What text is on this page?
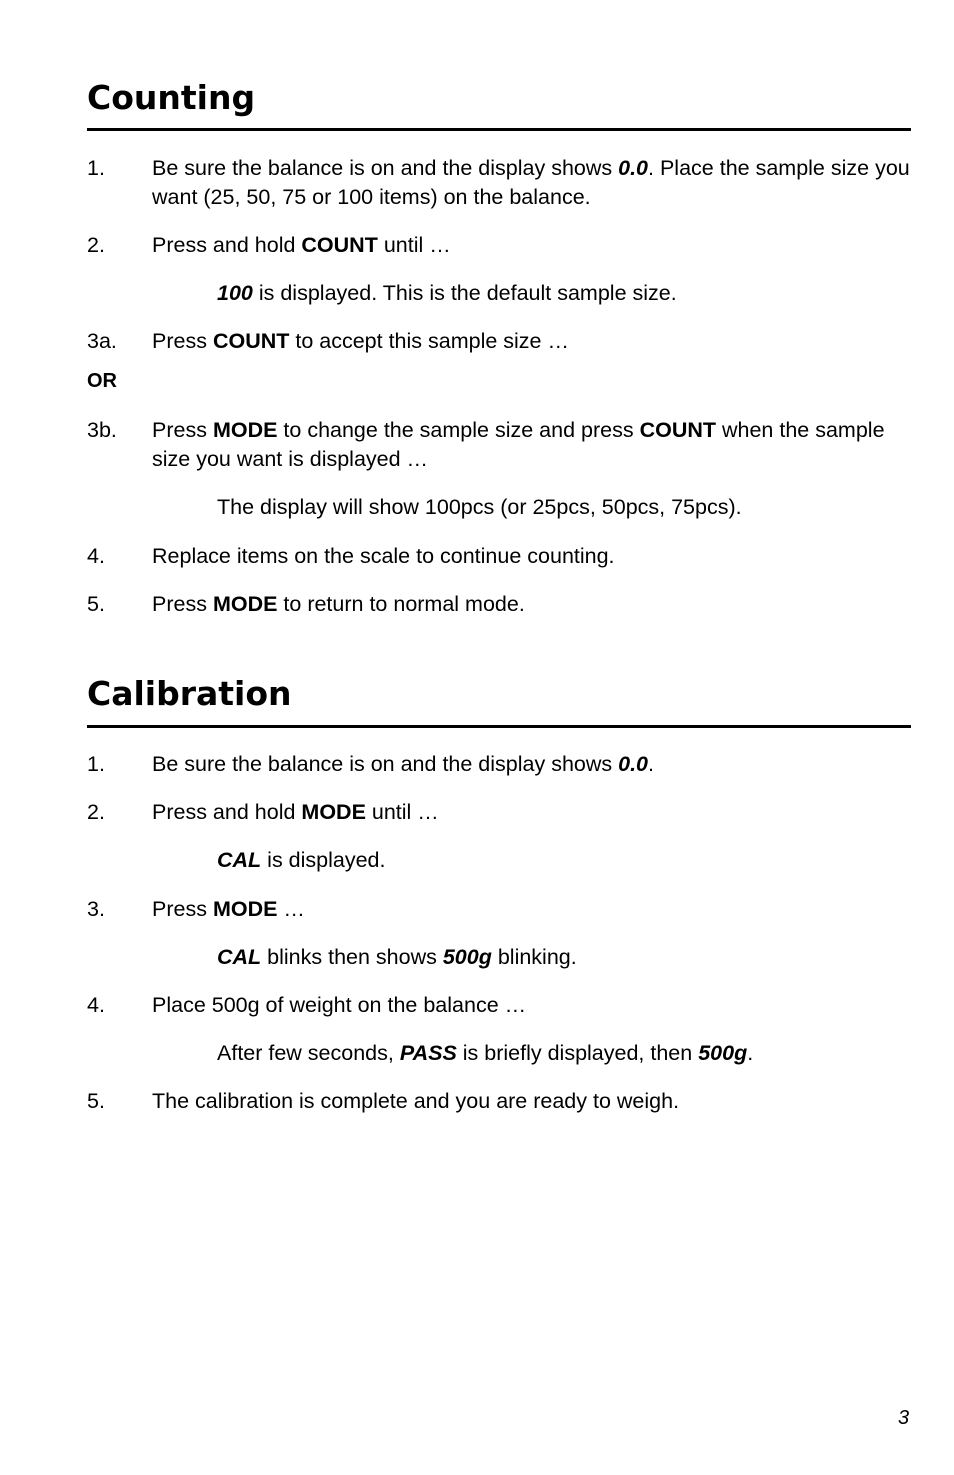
Counting
1. Be sure the balance is on and the display shows 0.0. Place the sample size you want (25, 50, 75 or 100 items) on the balance.
2. Press and hold COUNT until …
100 is displayed. This is the default sample size.
3a. Press COUNT to accept this sample size …
OR
3b. Press MODE to change the sample size and press COUNT when the sample size you want is displayed …
The display will show 100pcs (or 25pcs, 50pcs, 75pcs).
4. Replace items on the scale to continue counting.
5. Press MODE to return to normal mode.
Calibration
1. Be sure the balance is on and the display shows 0.0.
2. Press and hold MODE until …
CAL is displayed.
3. Press MODE …
CAL blinks then shows 500g blinking.
4. Place 500g of weight on the balance …
After few seconds, PASS is briefly displayed, then 500g.
5. The calibration is complete and you are ready to weigh.
3
